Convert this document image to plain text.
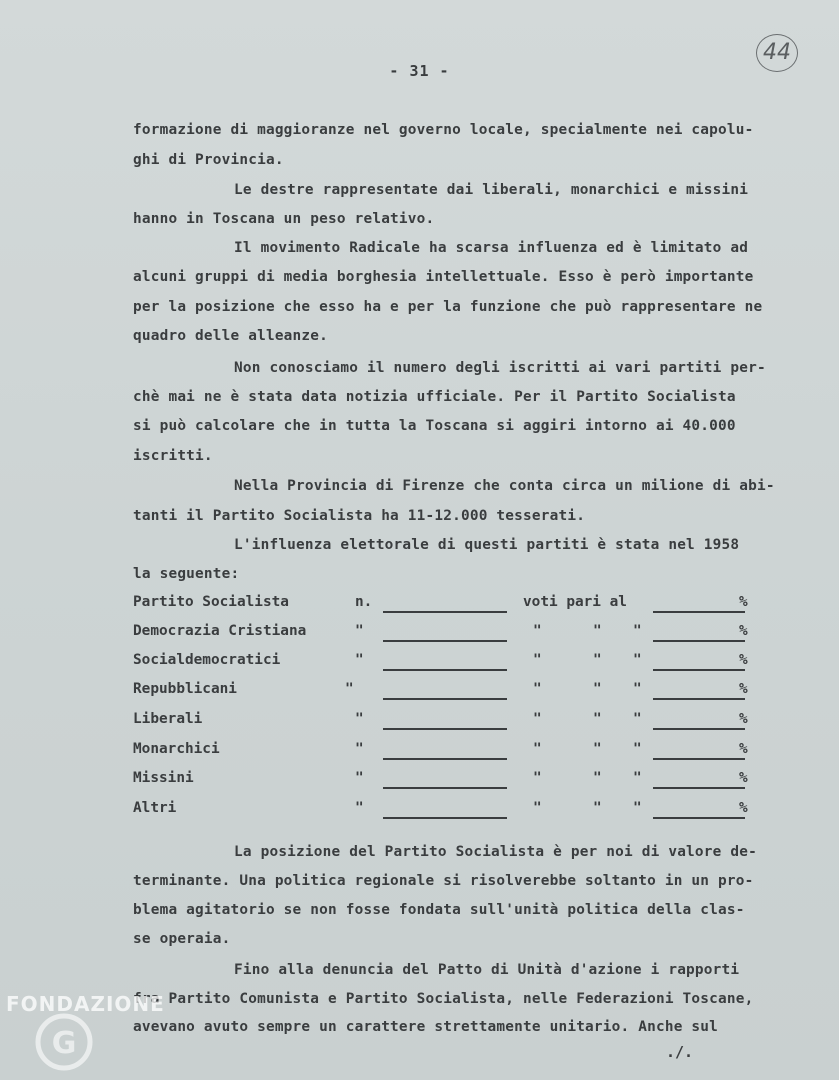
44
- 31 -
formazione di maggioranze nel governo locale, specialmente nei capolu-
ghi di Provincia.
Le destre rappresentate dai liberali, monarchici e missini
hanno in Toscana un peso relativo.
Il movimento Radicale ha scarsa influenza ed è limitato ad
alcuni gruppi di media borghesia intellettuale. Esso è però importante
per la posizione che esso ha e per la funzione che può rappresentare ne
quadro delle alleanze.
Non conosciamo il numero degli iscritti ai vari partiti per-
chè mai ne è stata data notizia ufficiale. Per il Partito Socialista
si può calcolare che in tutta la Toscana si aggiri intorno ai 40.000
iscritti.
Nella Provincia di Firenze che conta circa un milione di abi-
tanti il Partito Socialista ha 11-12.000 tesserati.
L'influenza elettorale di questi partiti è stata nel 1958
la seguente:
Partito Socialista	n.	voti pari al	%
Democrazia Cristiana	"	"	" "	%
Socialdemocratici	"	"	" "	%
Repubblicani	"	"	" "	%
Liberali	"	"	" "	%
Monarchici	"	"	" "	%
Missini	"	"	" "	%
Altri	"	"	" "	%
La posizione del Partito Socialista è per noi di valore de-
terminante. Una politica regionale si risolverebbe soltanto in un pro-
blema agitatorio se non fosse fondata sull'unità politica della clas-
se operaia.
Fino alla denuncia del Patto di Unità d'azione i rapporti
fra Partito Comunista e Partito Socialista, nelle Federazioni Toscane,
avevano avuto sempre un carattere strettamente unitario. Anche sul
./.
FONDAZIONE
G
